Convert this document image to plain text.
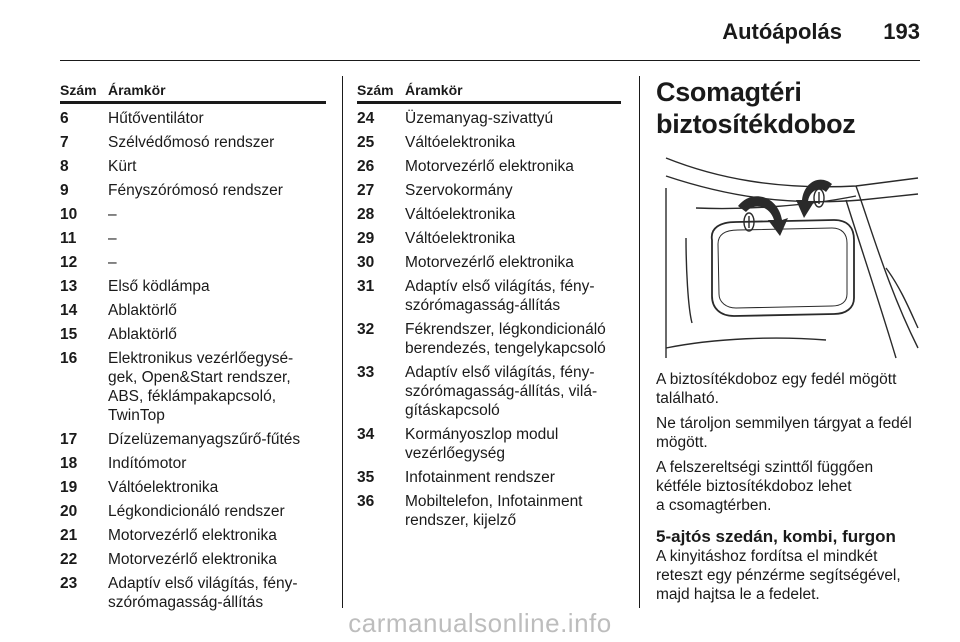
Autóápolás 193
Szám Áramkör
6	Hűtőventilátor
7	Szélvédőmosó rendszer
8	Kürt
9	Fényszórómosó rendszer
10	–
11	–
12	–
13	Első ködlámpa
14	Ablaktörlő
15	Ablaktörlő
16	Elektronikus vezérlőegysé-
gek, Open&Start rendszer,
ABS, féklámpakapcsoló,
TwinTop
17	Dízelüzemanyagszűrő-fűtés
18	Indítómotor
19	Váltóelektronika
20	Légkondicionáló rendszer
21	Motorvezérlő elektronika
22	Motorvezérlő elektronika
23	Adaptív első világítás, fény-
szórómagasság-állítás
Szám Áramkör
24	Üzemanyag-szivattyú
25	Váltóelektronika
26	Motorvezérlő elektronika
27	Szervokormány
28	Váltóelektronika
29	Váltóelektronika
30	Motorvezérlő elektronika
31	Adaptív első világítás, fény-
szórómagasság-állítás
32	Fékrendszer, légkondicionáló
berendezés, tengelykapcsoló
33	Adaptív első világítás, fény-
szórómagasság-állítás, vilá-
gításkapcsoló
34	Kormányoszlop modul
vezérlőegység
35	Infotainment rendszer
36	Mobiltelefon, Infotainment
rendszer, kijelző
Csomagtéri
biztosítékdoboz

A biztosítékdoboz egy fedél mögött
található.

Ne tároljon semmilyen tárgyat a fedél
mögött.

A felszereltségi szinttől függően
kétféle biztosítékdoboz lehet
a csomagtérben.

5-ajtós szedán, kombi, furgon

A kinyitáshoz fordítsa el mindkét
reteszt egy pénzérme segítségével,
majd hajtsa le a fedelet.

carmanualsonline.info
